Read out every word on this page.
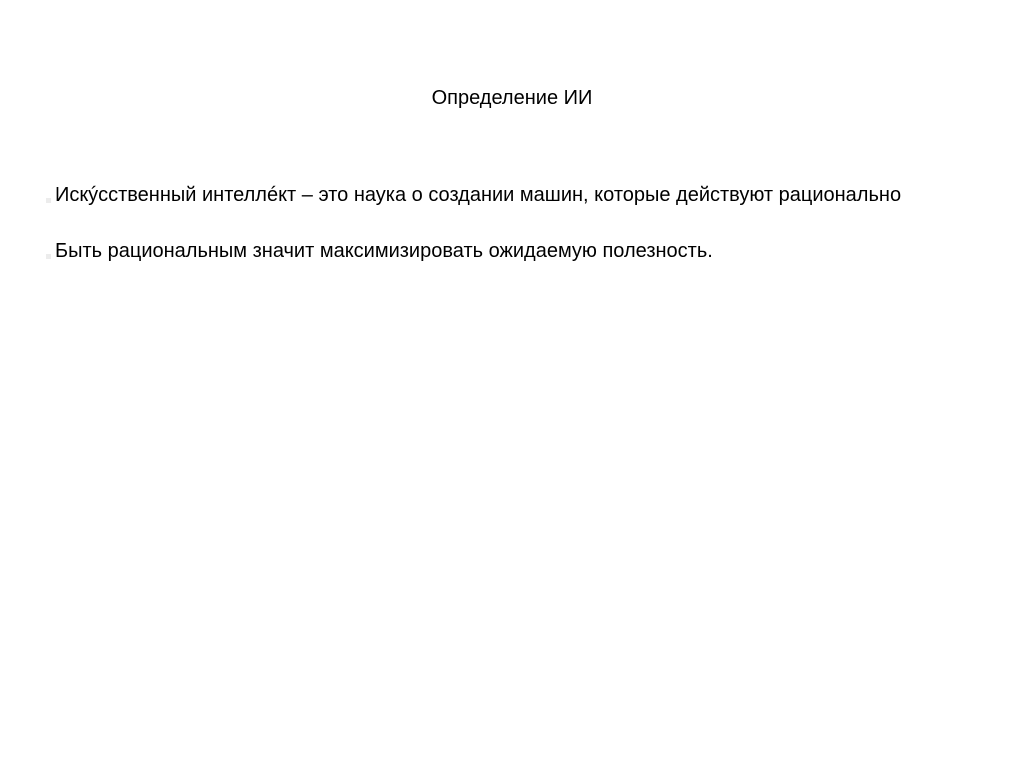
Определение ИИ
Искýсственный интеллéкт – это наука о создании машин, которые действуют рационально
Быть рациональным значит максимизировать ожидаемую полезность.
